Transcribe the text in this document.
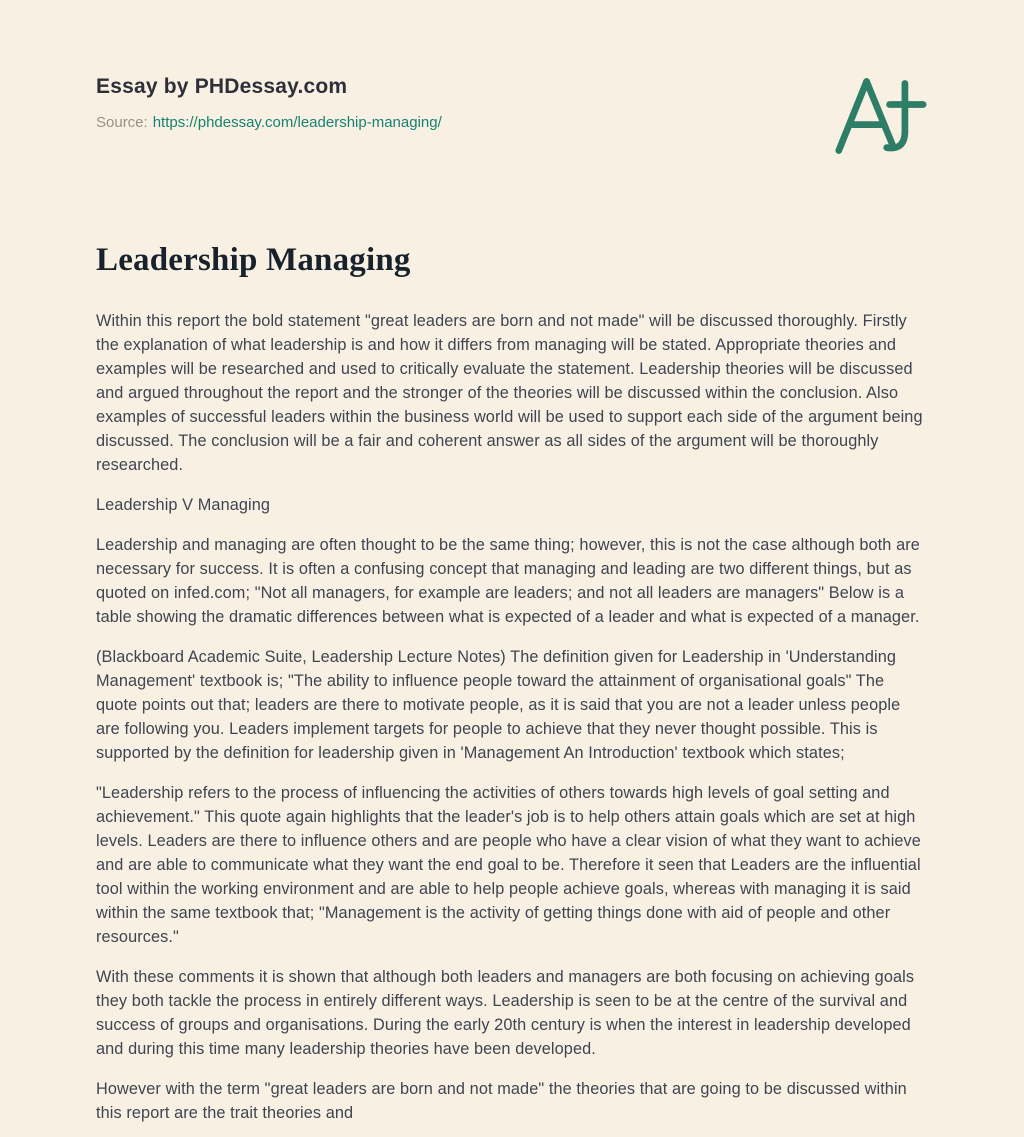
Essay by PHDessay.com
Source: https://phdessay.com/leadership-managing/
Leadership Managing

Within this report the bold statement "great leaders are born and not made" will be discussed thoroughly. Firstly the explanation of what leadership is and how it differs from managing will be stated. Appropriate theories and examples will be researched and used to critically evaluate the statement. Leadership theories will be discussed and argued throughout the report and the stronger of the theories will be discussed within the conclusion. Also examples of successful leaders within the business world will be used to support each side of the argument being discussed. The conclusion will be a fair and coherent answer as all sides of the argument will be thoroughly researched.

Leadership V Managing

Leadership and managing are often thought to be the same thing; however, this is not the case although both are necessary for success. It is often a confusing concept that managing and leading are two different things, but as quoted on infed.com; "Not all managers, for example are leaders; and not all leaders are managers" Below is a table showing the dramatic differences between what is expected of a leader and what is expected of a manager.

(Blackboard Academic Suite, Leadership Lecture Notes) The definition given for Leadership in 'Understanding Management' textbook is; "The ability to influence people toward the attainment of organisational goals" The quote points out that; leaders are there to motivate people, as it is said that you are not a leader unless people are following you. Leaders implement targets for people to achieve that they never thought possible. This is supported by the definition for leadership given in 'Management An Introduction' textbook which states;

"Leadership refers to the process of influencing the activities of others towards high levels of goal setting and achievement." This quote again highlights that the leader's job is to help others attain goals which are set at high levels. Leaders are there to influence others and are people who have a clear vision of what they want to achieve and are able to communicate what they want the end goal to be. Therefore it seen that Leaders are the influential tool within the working environment and are able to help people achieve goals, whereas with managing it is said within the same textbook that; "Management is the activity of getting things done with aid of people and other resources."

With these comments it is shown that although both leaders and managers are both focusing on achieving goals they both tackle the process in entirely different ways. Leadership is seen to be at the centre of the survival and success of groups and organisations. During the early 20th century is when the interest in leadership developed and during this time many leadership theories have been developed.

However with the term "great leaders are born and not made" the theories that are going to be discussed within this report are the trait theories and
